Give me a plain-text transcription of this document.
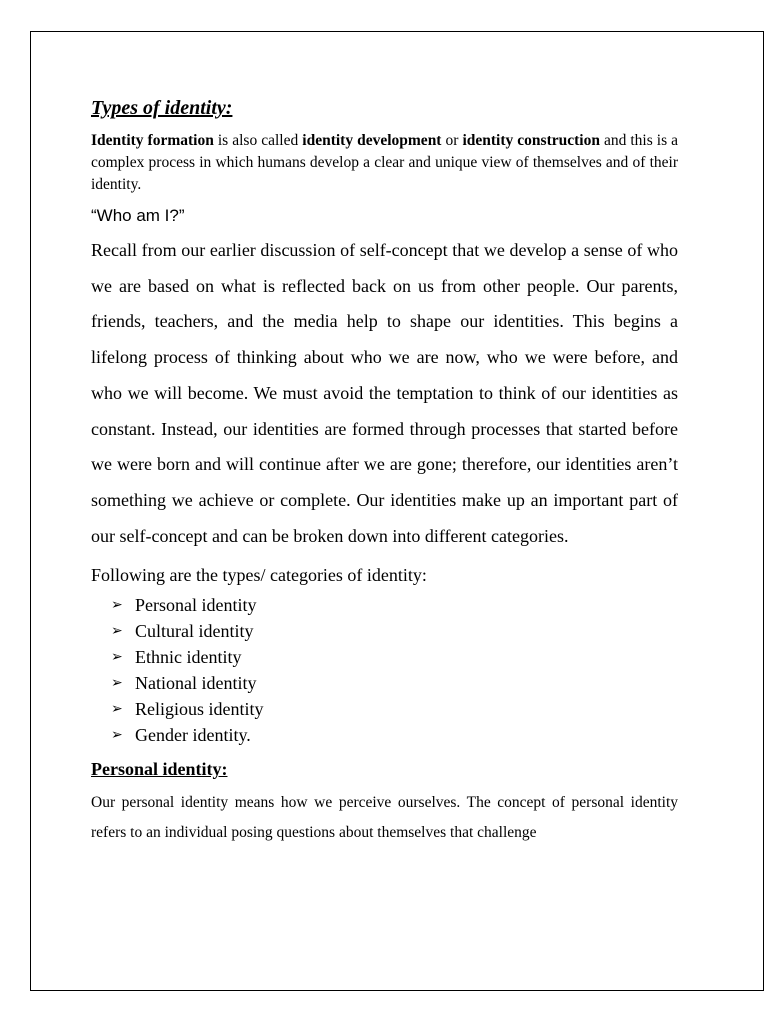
Types of identity:

Identity formation is also called identity development or identity construction and this is a complex process in which humans develop a clear and unique view of themselves and of their identity.

“Who am I?”

Recall from our earlier discussion of self-concept that we develop a sense of who we are based on what is reflected back on us from other people. Our parents, friends, teachers, and the media help to shape our identities. This begins a lifelong process of thinking about who we are now, who we were before, and who we will become. We must avoid the temptation to think of our identities as constant. Instead, our identities are formed through processes that started before we were born and will continue after we are gone; therefore, our identities aren’t something we achieve or complete. Our identities make up an important part of our self-concept and can be broken down into different categories.

Following are the types/ categories of identity:

➢ Personal identity
➢ Cultural identity
➢ Ethnic identity
➢ National identity
➢ Religious identity
➢ Gender identity.
Personal identity:

Our personal identity means how we perceive ourselves. The concept of personal identity refers to an individual posing questions about themselves that challenge
